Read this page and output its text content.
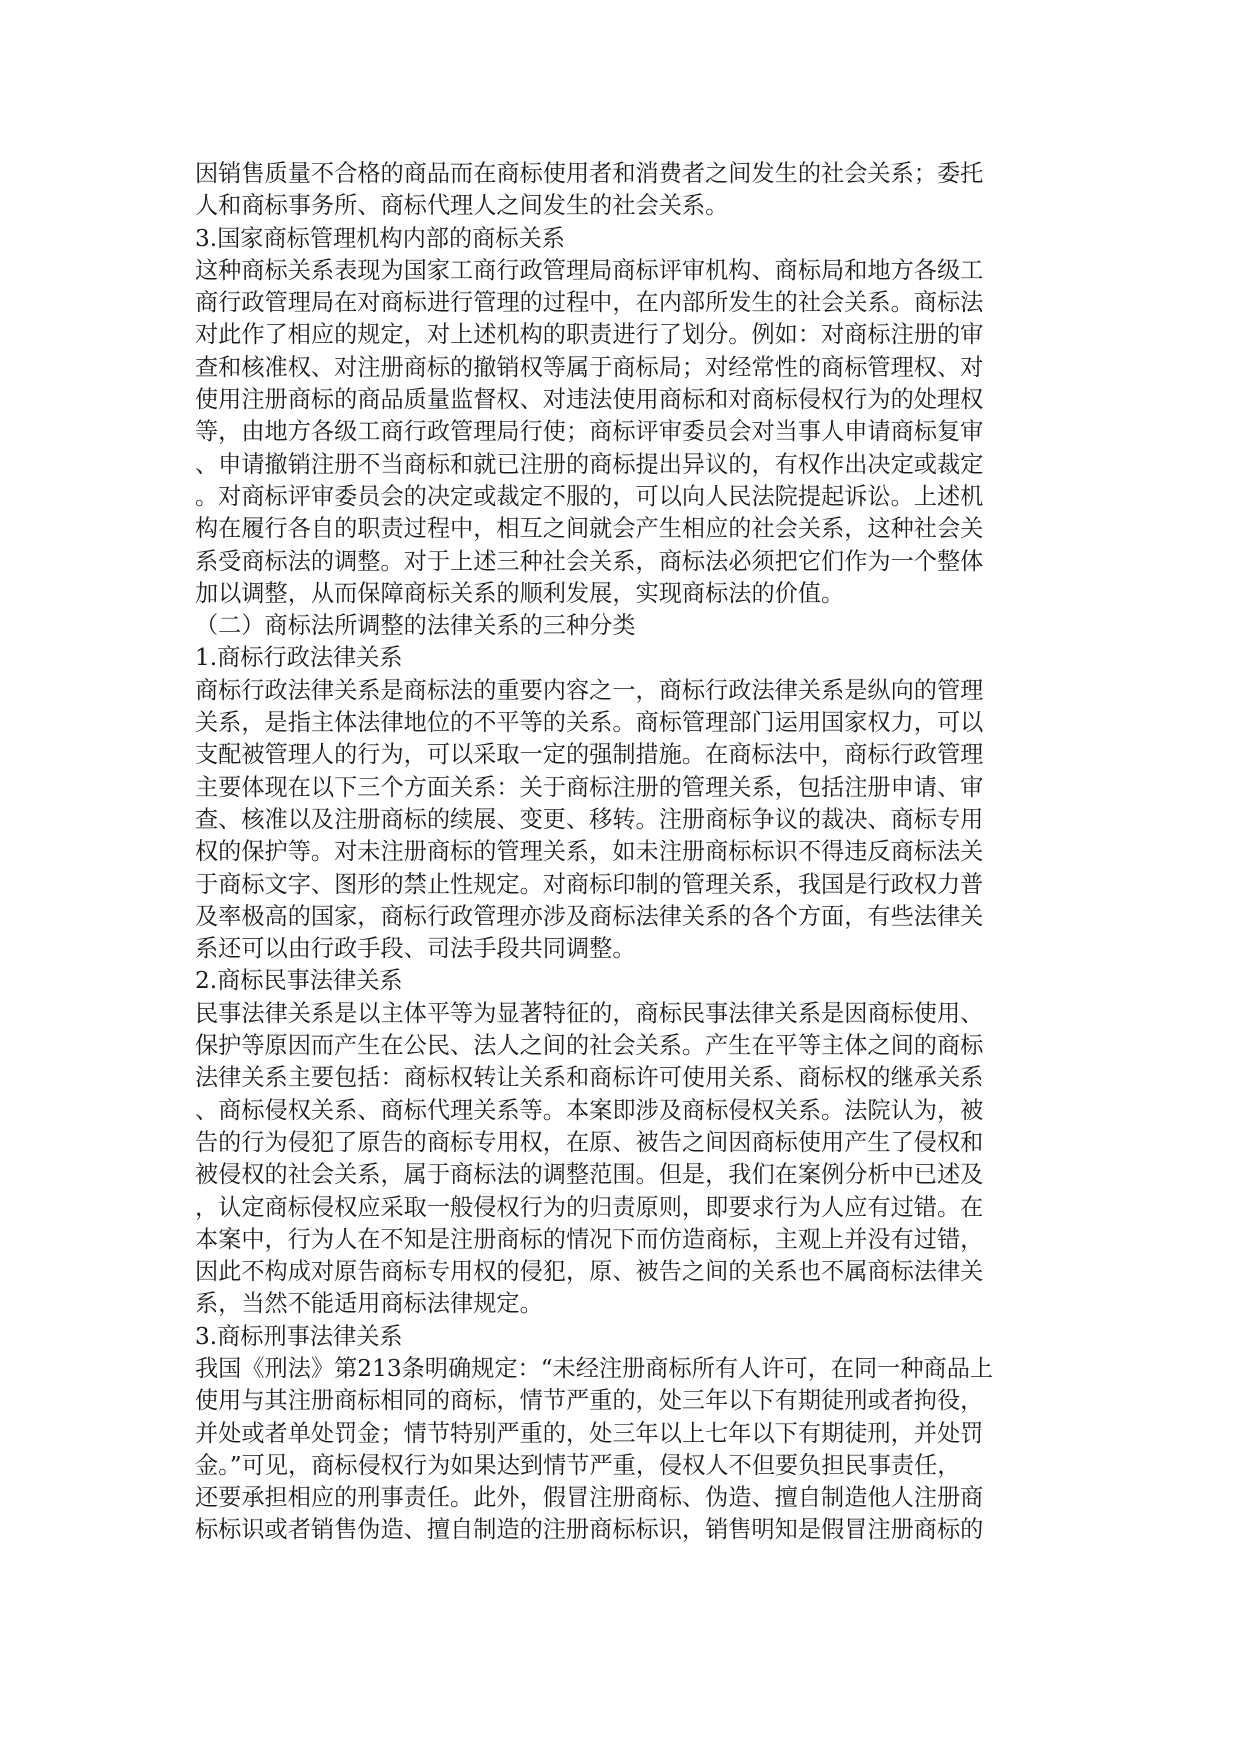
因销售质量不合格的商品而在商标使用者和消费者之间发生的社会关系；委托
人和商标事务所、商标代理人之间发生的社会关系。
3.国家商标管理机构内部的商标关系
这种商标关系表现为国家工商行政管理局商标评审机构、商标局和地方各级工
商行政管理局在对商标进行管理的过程中，在内部所发生的社会关系。商标法
对此作了相应的规定，对上述机构的职责进行了划分。例如：对商标注册的审
查和核准权、对注册商标的撤销权等属于商标局；对经常性的商标管理权、对
使用注册商标的商品质量监督权、对违法使用商标和对商标侵权行为的处理权
等，由地方各级工商行政管理局行使；商标评审委员会对当事人申请商标复审
、申请撤销注册不当商标和就已注册的商标提出异议的，有权作出决定或裁定
。对商标评审委员会的决定或裁定不服的，可以向人民法院提起诉讼。上述机
构在履行各自的职责过程中，相互之间就会产生相应的社会关系，这种社会关
系受商标法的调整。对于上述三种社会关系，商标法必须把它们作为一个整体
加以调整，从而保障商标关系的顺利发展，实现商标法的价值。
（二）商标法所调整的法律关系的三种分类
1.商标行政法律关系
商标行政法律关系是商标法的重要内容之一，商标行政法律关系是纵向的管理
关系，是指主体法律地位的不平等的关系。商标管理部门运用国家权力，可以
支配被管理人的行为，可以采取一定的强制措施。在商标法中，商标行政管理
主要体现在以下三个方面关系：关于商标注册的管理关系，包括注册申请、审
查、核准以及注册商标的续展、变更、移转。注册商标争议的裁决、商标专用
权的保护等。对未注册商标的管理关系，如未注册商标标识不得违反商标法关
于商标文字、图形的禁止性规定。对商标印制的管理关系，我国是行政权力普
及率极高的国家，商标行政管理亦涉及商标法律关系的各个方面，有些法律关
系还可以由行政手段、司法手段共同调整。
2.商标民事法律关系
民事法律关系是以主体平等为显著特征的，商标民事法律关系是因商标使用、
保护等原因而产生在公民、法人之间的社会关系。产生在平等主体之间的商标
法律关系主要包括：商标权转让关系和商标许可使用关系、商标权的继承关系
、商标侵权关系、商标代理关系等。本案即涉及商标侵权关系。法院认为，被
告的行为侵犯了原告的商标专用权，在原、被告之间因商标使用产生了侵权和
被侵权的社会关系，属于商标法的调整范围。但是，我们在案例分析中已述及
，认定商标侵权应采取一般侵权行为的归责原则，即要求行为人应有过错。在
本案中，行为人在不知是注册商标的情况下而仿造商标，主观上并没有过错，
因此不构成对原告商标专用权的侵犯，原、被告之间的关系也不属商标法律关
系，当然不能适用商标法律规定。
3.商标刑事法律关系
我国《刑法》第213条明确规定：“未经注册商标所有人许可，在同一种商品上
使用与其注册商标相同的商标，情节严重的，处三年以下有期徒刑或者拘役，
并处或者单处罚金；情节特别严重的，处三年以上七年以下有期徒刑，并处罚
金。”可见，商标侵权行为如果达到情节严重，侵权人不但要负担民事责任，
还要承担相应的刑事责任。此外，假冒注册商标、伪造、擅自制造他人注册商
标标识或者销售伪造、擅自制造的注册商标标识，销售明知是假冒注册商标的
